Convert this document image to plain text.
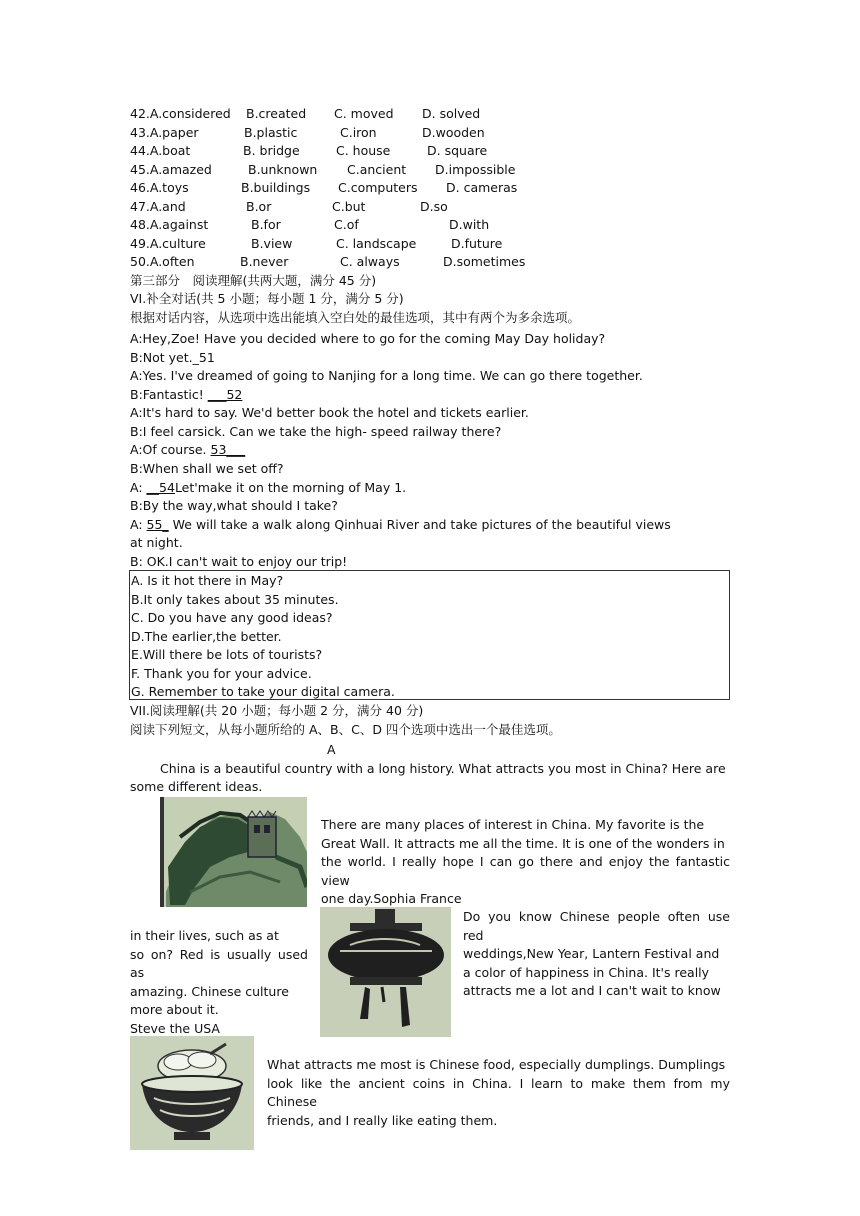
42.A.considered B.created C. moved D. solved
43.A.paper	B.plastic	C.iron	D.wooden
44.A.boat	B. bridge	C. house	D. square
45.A.amazed	B.unknown C.ancient D.impossible
46.A.toys	B.buildings C.computers D. cameras
47.A.and	B.or	C.but	D.so
48.A.against	B.for	C.of	D.with
49.A.culture	B.view	C. landscape	D.future
50.A.often	B.never	C. always	D.sometimes
第三部分　阅读理解(共两大题，满分 45 分)
VI.补全对话(共 5 小题；每小题 1 分，满分 5 分)
根据对话内容，从选项中选出能填入空白处的最佳选项，其中有两个为多余选项。
A:Hey,Zoe! Have you decided where to go for the coming May Day holiday?
B:Not yet._51
A:Yes. I've dreamed of going to Nanjing for a long time. We can go there together.
B:Fantastic! ___52
A:It's hard to say. We'd better book the hotel and tickets earlier.
B:I feel carsick. Can we take the high- speed railway there?
A:Of course. 53___
B:When shall we set off?
A: __54Let'make it on the morning of May 1.
B:By the way,what should I take?
A: 55_ We will take a walk along Qinhuai River and take pictures of the beautiful views
at night.
B: OK.I can't wait to enjoy our trip!
A. Is it hot there in May?
B.It only takes about 35 minutes.
C. Do you have any good ideas?
D.The earlier,the better.
E.Will there be lots of tourists?
F. Thank you for your advice.
G. Remember to take your digital camera.
VII.阅读理解(共 20 小题；每小题 2 分，满分 40 分)
阅读下列短文，从每小题所给的 A、B、C、D 四个选项中选出一个最佳选项。
A
China is a beautiful country with a long history. What attracts you most in China? Here are
some different ideas.
There are many places of interest in China. My favorite is the
Great Wall. It attracts me all the time. It is one of the wonders in
the world. I really hope I can go there and enjoy the fantastic view
one day.Sophia France
Do you know Chinese people often use red
weddings,New Year, Lantern Festival and
a color of happiness in China. It's really
attracts me a lot and I can't wait to know
in their lives, such as at
so on? Red is usually used as
amazing. Chinese culture
more about it.
Steve the USA
What attracts me most is Chinese food, especially dumplings. Dumplings
look like the ancient coins in China. I learn to make them from my Chinese
friends, and I really like eating them.
